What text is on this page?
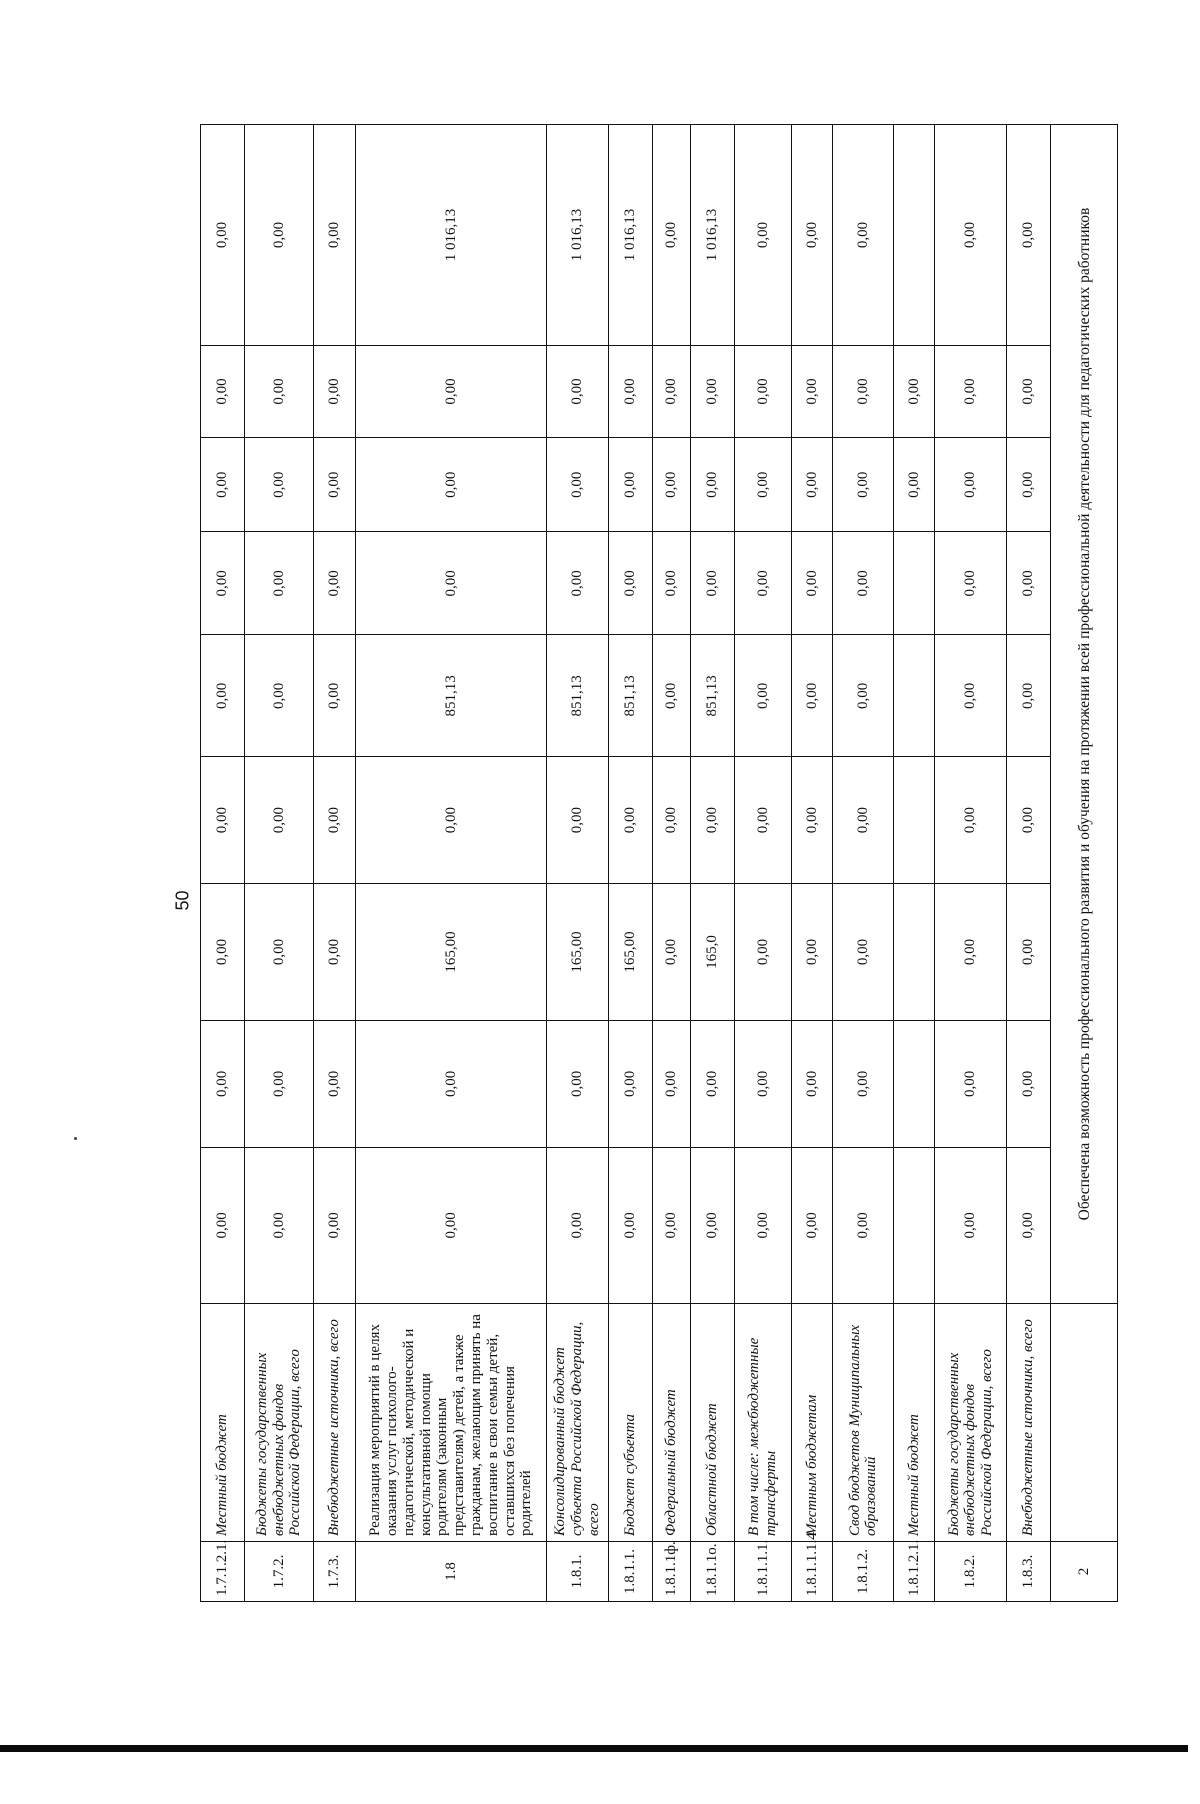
50
1.7.1.2.1.	Местный бюджет	0,00	0,00	0,00	0,00	0,00	0,00	0,00	0,00	0,00
1.7.2.	Бюджеты государственных внебюджетных фондов Российской Федерации, всего	0,00	0,00	0,00	0,00	0,00	0,00	0,00	0,00	0,00
1.7.3.	Внебюджетные источники, всего	0,00	0,00	0,00	0,00	0,00	0,00	0,00	0,00	0,00
1.8	Реализация мероприятий в целях оказания услуг психолого-педагогической, методической и консультативной помощи родителям (законным представителям) детей, а также гражданам, желающим принять на воспитание в свои семьи детей, оставшихся без попечения родителей	0,00	0,00	165,00	0,00	851,13	0,00	0,00	0,00	1 016,13
1.8.1.	Консолидированный бюджет субъекта Российской Федерации, всего	0,00	0,00	165,00	0,00	851,13	0,00	0,00	0,00	1 016,13
1.8.1.1.	Бюджет субъекта	0,00	0,00	165,00	0,00	851,13	0,00	0,00	0,00	1 016,13
1.8.1.1ф.	Федеральный бюджет	0,00	0,00	0,00	0,00	0,00	0,00	0,00	0,00	0,00
1.8.1.1о.	Областной бюджет	0,00	0,00	165,0	0,00	851,13	0,00	0,00	0,00	1 016,13
1.8.1.1.1.	В том числе: межбюджетные трансферты	0,00	0,00	0,00	0,00	0,00	0,00	0,00	0,00	0,00
1.8.1.1.1.4	Местным бюджетам	0,00	0,00	0,00	0,00	0,00	0,00	0,00	0,00	0,00
1.8.1.2.	Свод бюджетов Муниципальных образований	0,00	0,00	0,00	0,00	0,00	0,00	0,00	0,00	0,00
1.8.1.2.1.	Местный бюджет							0,00	0,00	
1.8.2.	Бюджеты государственных внебюджетных фондов Российской Федерации, всего	0,00	0,00	0,00	0,00	0,00	0,00	0,00	0,00	0,00
1.8.3.	Внебюджетные источники, всего	0,00	0,00	0,00	0,00	0,00	0,00	0,00	0,00	0,00
2		Обеспечена возможность профессионального развития и обучения на протяжении всей профессиональной деятельности для педагогических работников								
